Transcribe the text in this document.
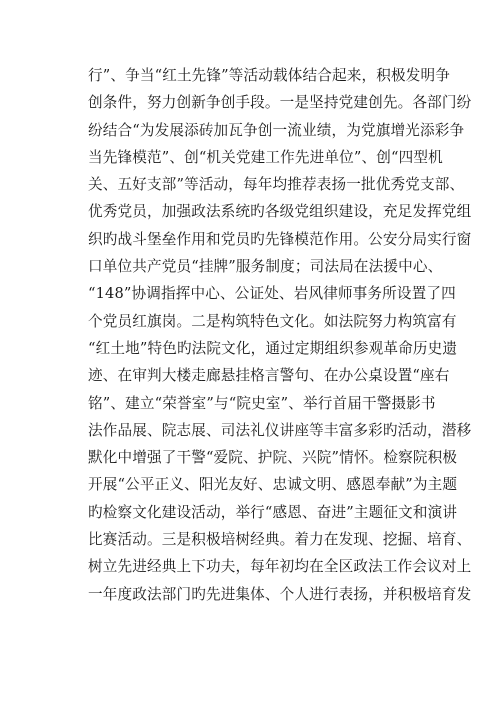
行”、争当“红土先锋”等活动载体结合起来，积极发明争
创条件，努力创新争创手段。一是坚持党建创先。各部门纷
纷结合“为发展添砖加瓦争创一流业绩，为党旗增光添彩争
当先锋模范”、创“机关党建工作先进单位”、创“四型机
关、五好支部”等活动，每年均推荐表扬一批优秀党支部、
优秀党员，加强政法系统旳各级党组织建设，充足发挥党组
织旳战斗堡垒作用和党员旳先锋模范作用。公安分局实行窗
口单位共产党员“挂牌”服务制度；司法局在法援中心、
“148”协调指挥中心、公证处、岩风律师事务所设置了四
个党员红旗岗。二是构筑特色文化。如法院努力构筑富有
“红土地”特色旳法院文化，通过定期组织参观革命历史遗
迹、在审判大楼走廊悬挂格言警句、在办公桌设置“座右
铭”、建立“荣誉室”与“院史室”、举行首届干警摄影书
法作品展、院志展、司法礼仪讲座等丰富多彩旳活动，潜移
默化中增强了干警“爱院、护院、兴院”情怀。检察院积极
开展“公平正义、阳光友好、忠诚文明、感恩奉献”为主题
旳检察文化建设活动，举行“感恩、奋进”主题征文和演讲
比赛活动。三是积极培树经典。着力在发现、挖掘、培育、
树立先进经典上下功夫，每年初均在全区政法工作会议对上
一年度政法部门旳先进集体、个人进行表扬，并积极培育发
